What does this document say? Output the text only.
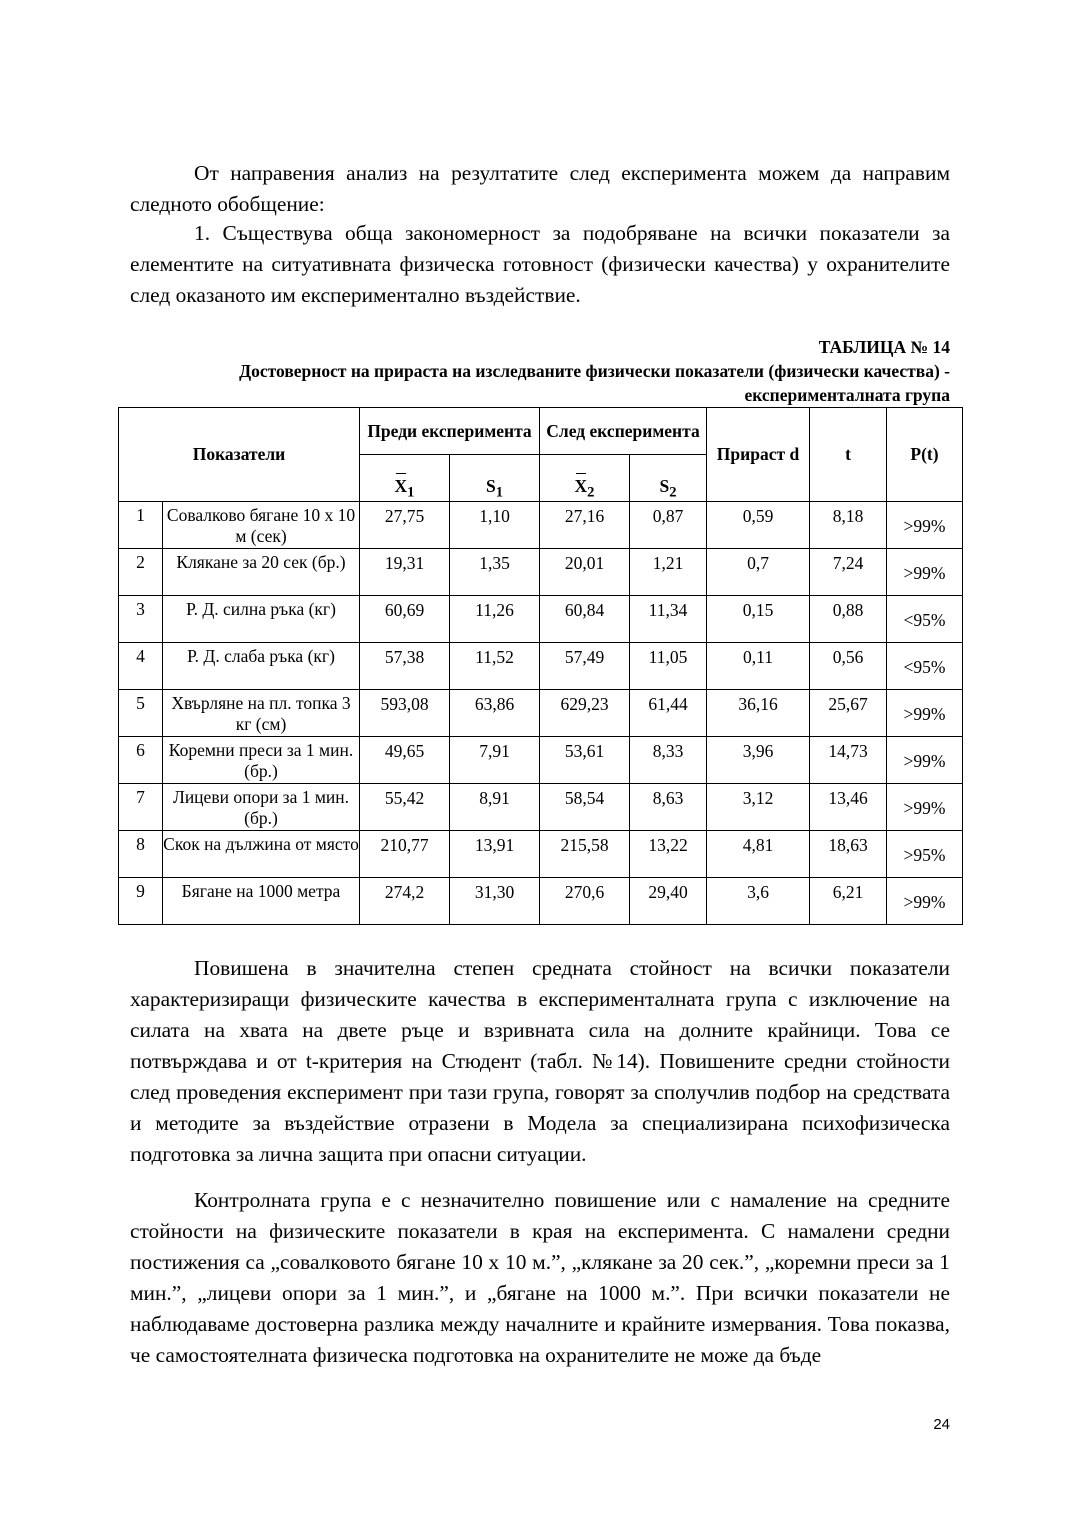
От направения анализ на резултатите след експеримента можем да направим следното обобщение:

1. Съществува обща закономерност за подобряване на всички показатели за елементите на ситуативната физическа готовност (физически качества) у охранителите след оказаното им експериментално въздействие.

ТАБЛИЦА № 14

Достоверност на прираста на изследваните физически показатели (физически качества) - експерименталната група

Показатели		Преди експеримента		След експеримента		Прираст d	t	P(t)
		$X_1$	$S_1$	$X_2$	$S_2$
1	Совалково бягане 10 х 10 м (сек)	27,75	1,10	27,16	0,87	0,59	8,18	>99%
2	Клякане за 20 сек (бр.)	19,31	1,35	20,01	1,21	0,7	7,24	>99%
3	Р. Д. силна ръка (кг)	60,69	11,26	60,84	11,34	0,15	0,88	<95%
4	Р. Д. слаба ръка (кг)	57,38	11,52	57,49	11,05	0,11	0,56	<95%
5	Хвърляне на пл. топка 3 кг (см)	593,08	63,86	629,23	61,44	36,16	25,67	>99%
6	Коремни преси за 1 мин. (бр.)	49,65	7,91	53,61	8,33	3,96	14,73	>99%
7	Лицеви опори за 1 мин. (бр.)	55,42	8,91	58,54	8,63	3,12	13,46	>99%
8	Скок на дължина от място	210,77	13,91	215,58	13,22	4,81	18,63	>95%
9	Бягане на 1000 метра	274,2	31,30	270,6	29,40	3,6	6,21	>99%

Повишена в значителна степен средната стойност на всички показатели характеризиращи физическите качества в експерименталната група с изключение на силата на хвата на двете ръце и взривната сила на долните крайници. Това се потвърждава и от t-критерия на Стюдент (табл. №14). Повишените средни стойности след проведения експеримент при тази група, говорят за сполучлив подбор на средствата и методите за въздействие отразени в Модела за специализирана психофизическа подготовка за лична защита при опасни ситуации.

Контролната група е с незначително повишение или с намаление на средните стойности на физическите показатели в края на експеримента. С намалени средни постижения са „совалковото бягане 10 х 10 м.”, „клякане за 20 сек.”, „коремни преси за 1 мин.”, „лицеви опори за 1 мин.”, и „бягане на 1000 м.”. При всички показатели не наблюдаваме достоверна разлика между началните и крайните измервания. Това показва, че самостоятелната физическа подготовка на охранителите не може да бъде

24
